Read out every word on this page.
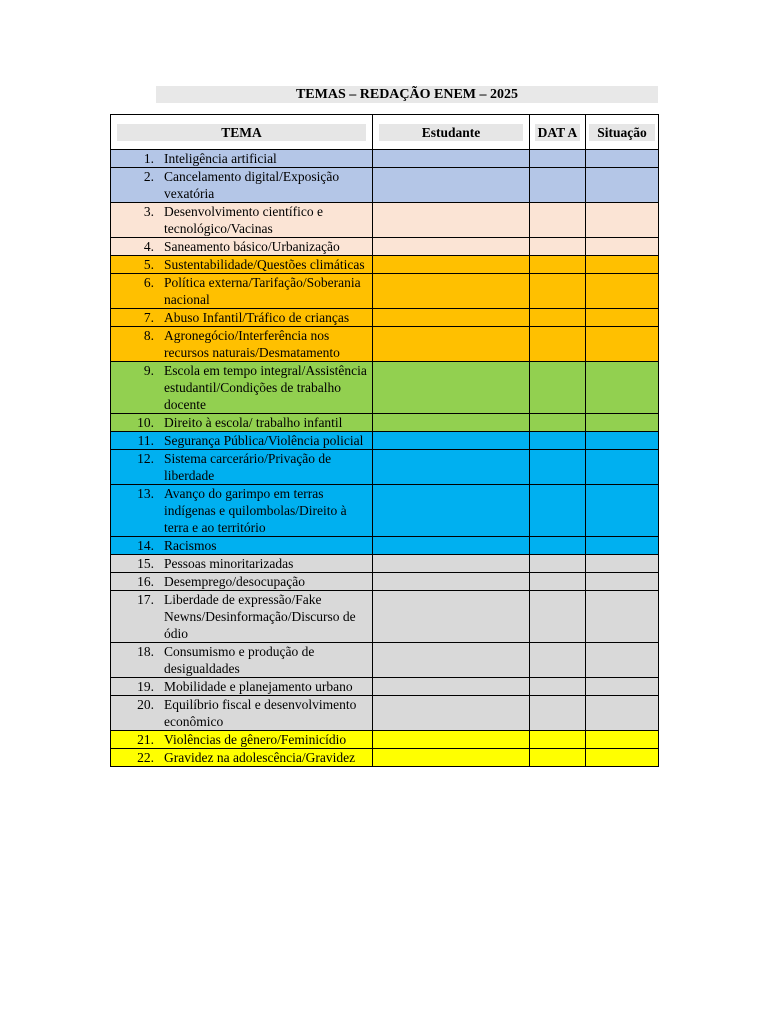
TEMAS – REDAÇÃO ENEM – 2025
TEMA	Estudante	DAT A	Situação

1. Inteligência artificial			

2. Cancelamento digital/Exposição vexatória			

3. Desenvolvimento científico e tecnológico/Vacinas			

4. Saneamento básico/Urbanização			

5. Sustentabilidade/Questões climáticas			

6. Política externa/Tarifação/Soberania nacional			

7. Abuso Infantil/Tráfico de crianças			

8. Agronegócio/Interferência nos recursos naturais/Desmatamento			

9. Escola em tempo integral/Assistência estudantil/Condições de trabalho docente			

10. Direito à escola/ trabalho infantil			

11. Segurança Pública/Violência policial			

12. Sistema carcerário/Privação de liberdade			

13. Avanço do garimpo em terras indígenas e quilombolas/Direito à terra e ao território			

14. Racismos			

15. Pessoas minoritarizadas			

16. Desemprego/desocupação			

17. Liberdade de expressão/Fake Newns/Desinformação/Discurso de ódio			

18. Consumismo e produção de desigualdades			

19. Mobilidade e planejamento urbano			

20. Equilíbrio fiscal e desenvolvimento econômico			

21. Violências de gênero/Feminicídio			

22. Gravidez na adolescência/Gravidez			
